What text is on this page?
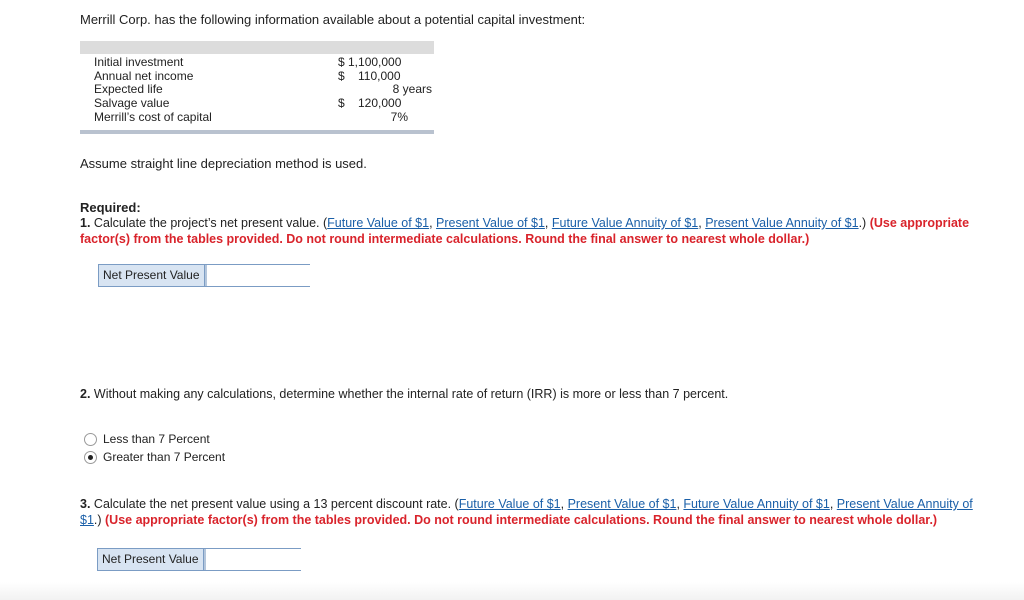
Merrill Corp. has the following information available about a potential capital investment:
Initial investment	$ 1,100,000
Annual net income	$    110,000
Expected life	8 years
Salvage value	$    120,000
Merrill’s cost of capital	7%
Assume straight line depreciation method is used.
Required:
1. Calculate the project’s net present value. (Future Value of $1, Present Value of $1, Future Value Annuity of $1, Present Value Annuity of $1.) (Use appropriate
factor(s) from the tables provided. Do not round intermediate calculations. Round the final answer to nearest whole dollar.)
Net Present Value
2. Without making any calculations, determine whether the internal rate of return (IRR) is more or less than 7 percent.
Less than 7 Percent
Greater than 7 Percent
3. Calculate the net present value using a 13 percent discount rate. (Future Value of $1, Present Value of $1, Future Value Annuity of $1, Present Value Annuity of
$1.) (Use appropriate factor(s) from the tables provided. Do not round intermediate calculations. Round the final answer to nearest whole dollar.)
Net Present Value
